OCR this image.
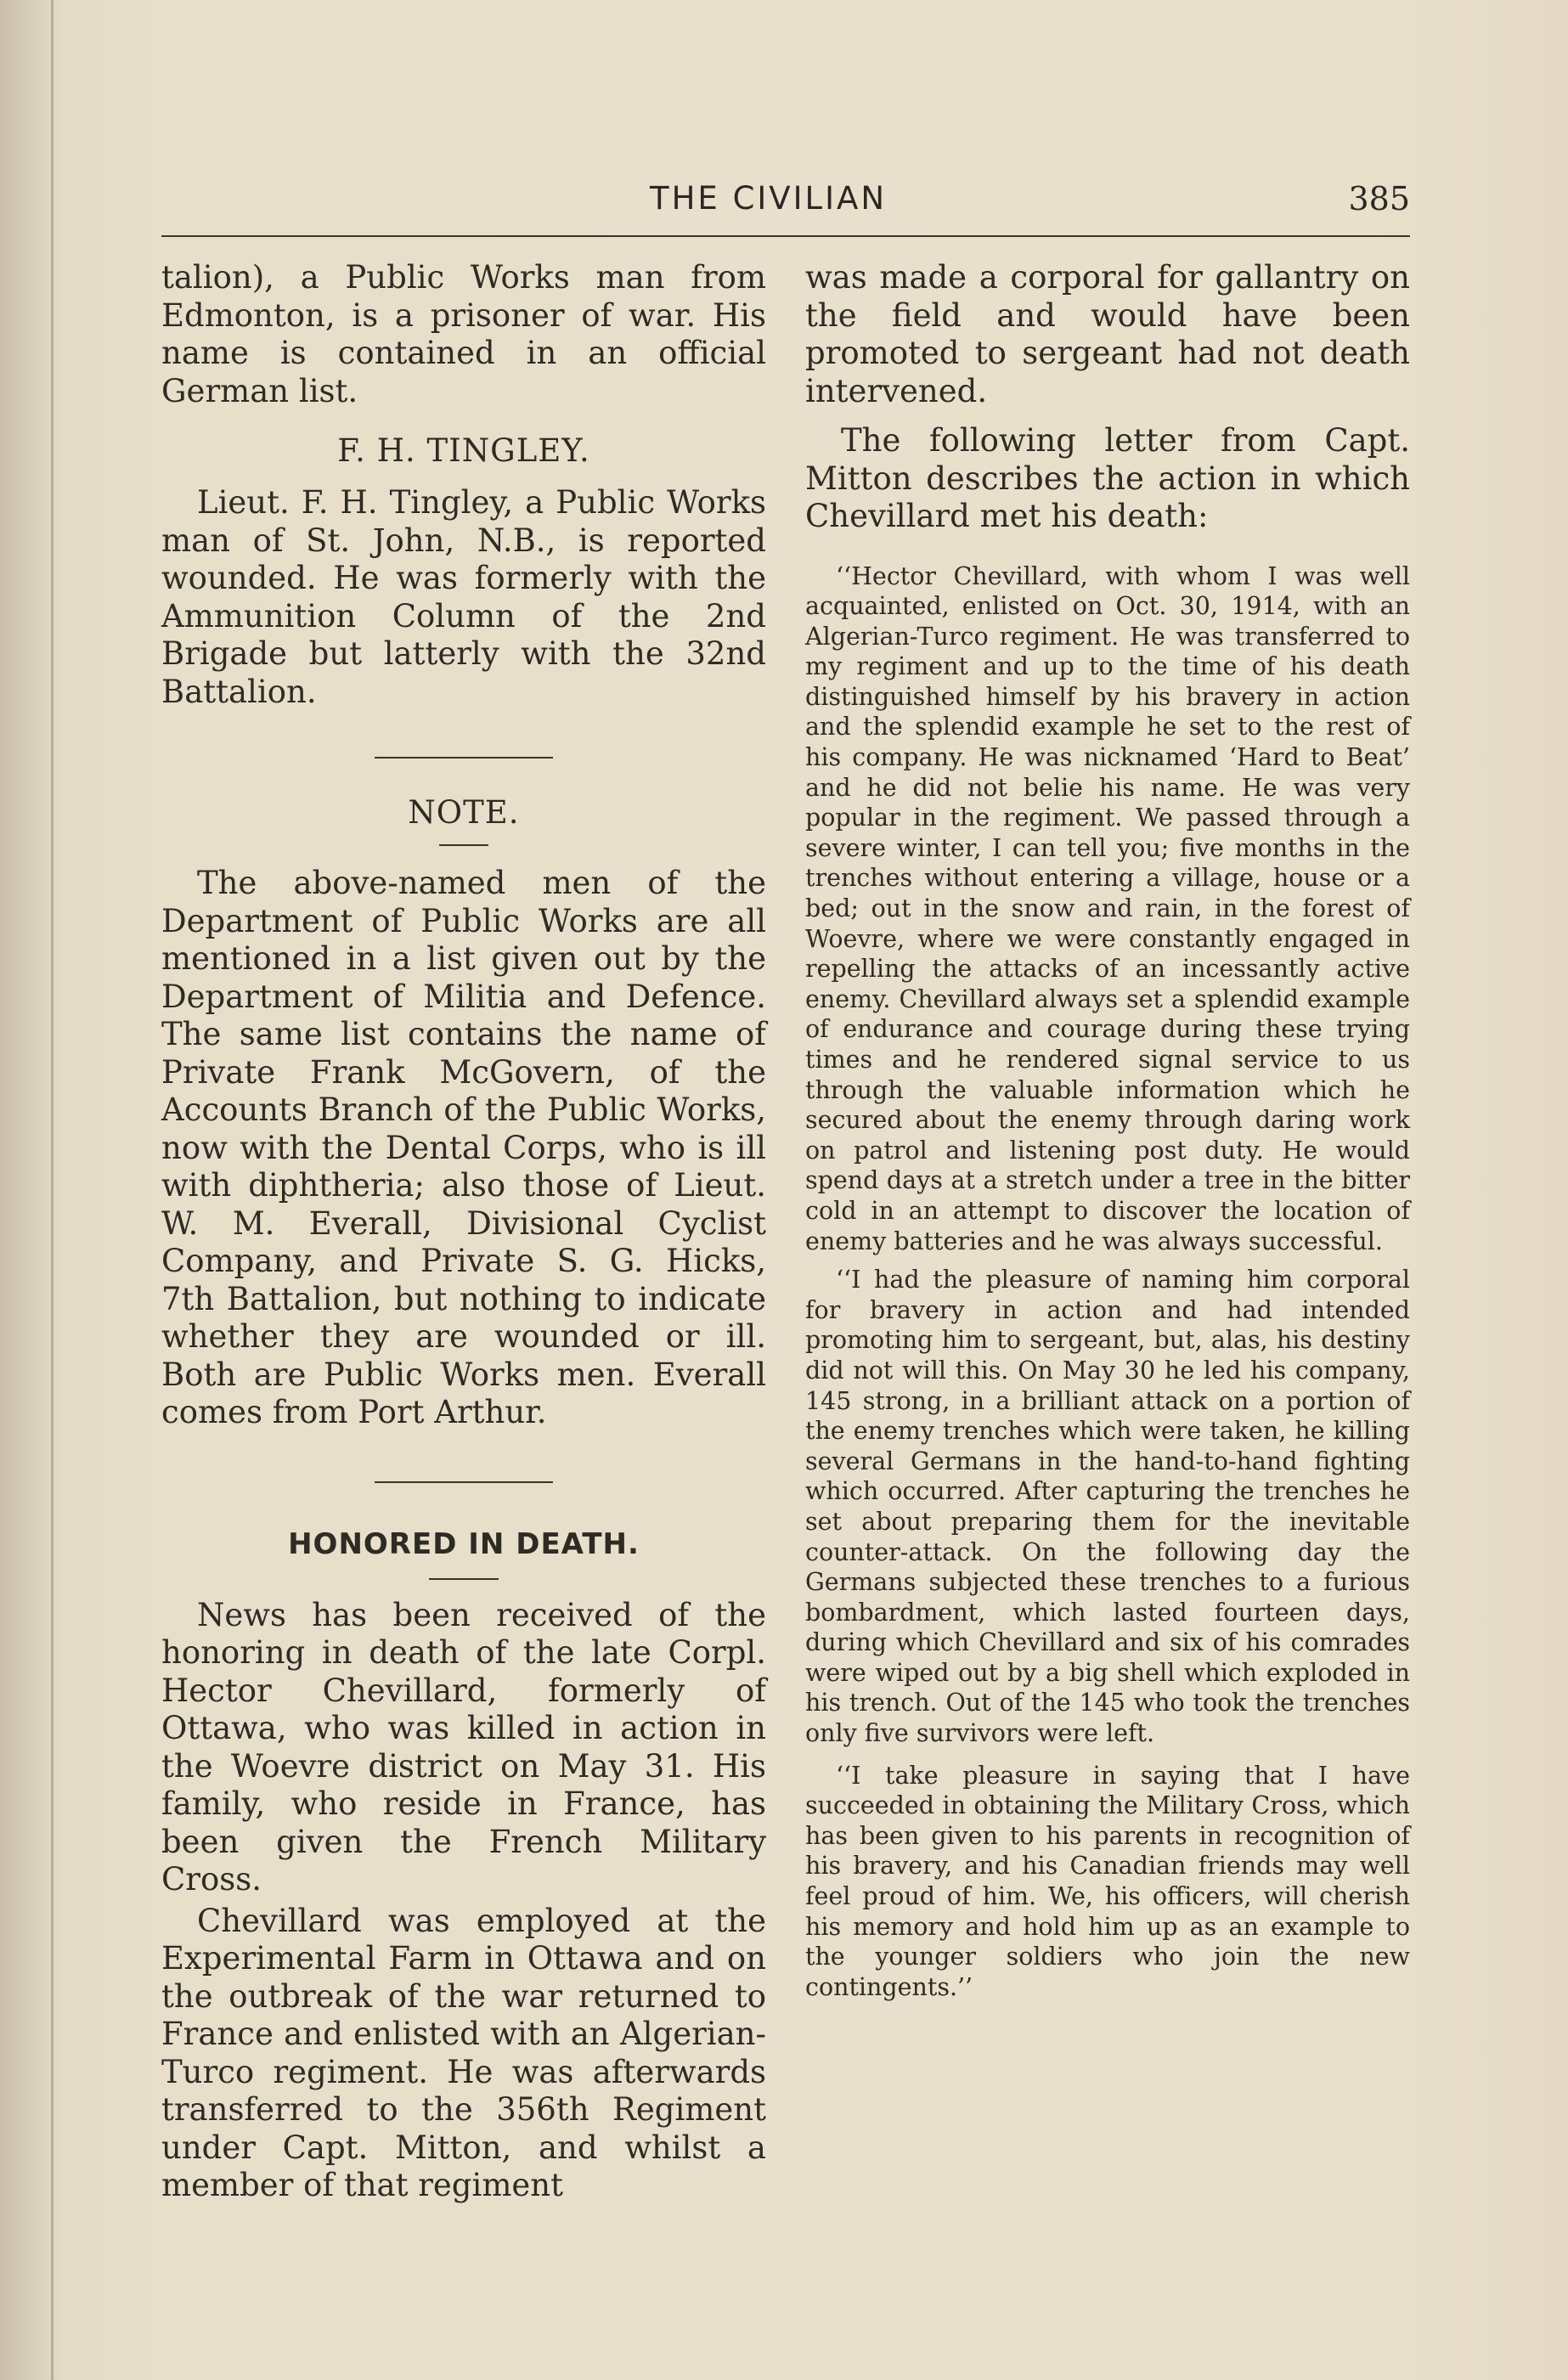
THE CIVILIAN	385

talion), a Public Works man from Edmonton, is a prisoner of war. His name is contained in an official German list.

F. H. TINGLEY.

Lieut. F. H. Tingley, a Public Works man of St. John, N.B., is reported wounded. He was formerly with the Ammunition Column of the 2nd Brigade but latterly with the 32nd Battalion.

NOTE.

The above-named men of the Department of Public Works are all mentioned in a list given out by the Department of Militia and Defence. The same list contains the name of Private Frank McGovern, of the Accounts Branch of the Public Works, now with the Dental Corps, who is ill with diphtheria; also those of Lieut. W. M. Everall, Divisional Cyclist Company, and Private S. G. Hicks, 7th Battalion, but nothing to indicate whether they are wounded or ill. Both are Public Works men. Everall comes from Port Arthur.

HONORED IN DEATH.

News has been received of the honoring in death of the late Corpl. Hector Chevillard, formerly of Ottawa, who was killed in action in the Woevre district on May 31. His family, who reside in France, has been given the French Military Cross.

Chevillard was employed at the Experimental Farm in Ottawa and on the outbreak of the war returned to France and enlisted with an Algerian-Turco regiment. He was afterwards transferred to the 356th Regiment under Capt. Mitton, and whilst a member of that regiment

was made a corporal for gallantry on the field and would have been promoted to sergeant had not death intervened.

The following letter from Capt. Mitton describes the action in which Chevillard met his death:

‘‘Hector Chevillard, with whom I was well acquainted, enlisted on Oct. 30, 1914, with an Algerian-Turco regiment. He was transferred to my regiment and up to the time of his death distinguished himself by his bravery in action and the splendid example he set to the rest of his company. He was nicknamed ‘Hard to Beat’ and he did not belie his name. He was very popular in the regiment. We passed through a severe winter, I can tell you; five months in the trenches without entering a village, house or a bed; out in the snow and rain, in the forest of Woevre, where we were constantly engaged in repelling the attacks of an incessantly active enemy. Chevillard always set a splendid example of endurance and courage during these trying times and he rendered signal service to us through the valuable information which he secured about the enemy through daring work on patrol and listening post duty. He would spend days at a stretch under a tree in the bitter cold in an attempt to discover the location of enemy batteries and he was always successful.

‘‘I had the pleasure of naming him corporal for bravery in action and had intended promoting him to sergeant, but, alas, his destiny did not will this. On May 30 he led his company, 145 strong, in a brilliant attack on a portion of the enemy trenches which were taken, he killing several Germans in the hand-to-hand fighting which occurred. After capturing the trenches he set about preparing them for the inevitable counter-attack. On the following day the Germans subjected these trenches to a furious bombardment, which lasted fourteen days, during which Chevillard and six of his comrades were wiped out by a big shell which exploded in his trench. Out of the 145 who took the trenches only five survivors were left.

‘‘I take pleasure in saying that I have succeeded in obtaining the Military Cross, which has been given to his parents in recognition of his bravery, and his Canadian friends may well feel proud of him. We, his officers, will cherish his memory and hold him up as an example to the younger soldiers who join the new contingents.’’
